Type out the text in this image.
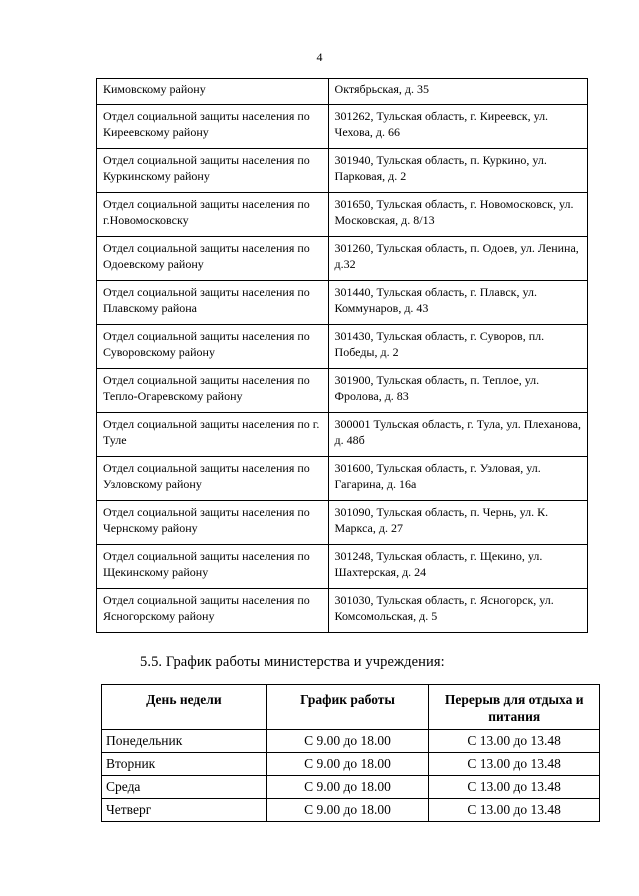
4
Кимовскому району	Октябрьская, д. 35
Отдел социальной защиты населения по Киреевскому району	301262, Тульская область, г. Киреевск, ул. Чехова, д. 66
Отдел социальной защиты населения по Куркинскому району	301940, Тульская область, п. Куркино, ул. Парковая, д. 2
Отдел социальной защиты населения по г.Новомосковску	301650, Тульская область, г. Новомосковск, ул. Московская, д. 8/13
Отдел социальной защиты населения по Одоевскому району	301260, Тульская область, п. Одоев, ул. Ленина, д.32
Отдел социальной защиты населения по Плавскому района	301440, Тульская область, г. Плавск, ул. Коммунаров, д. 43
Отдел социальной защиты населения по Суворовскому району	301430, Тульская область, г. Суворов, пл. Победы, д. 2
Отдел социальной защиты населения по Тепло-Огаревскому району	301900, Тульская область, п. Теплое, ул. Фролова, д. 83
Отдел социальной защиты населения по г. Туле	300001 Тульская область, г. Тула, ул. Плеханова, д. 48б
Отдел социальной защиты населения по Узловскому району	301600, Тульская область, г. Узловая, ул. Гагарина, д. 16а
Отдел социальной защиты населения по Чернскому району	301090, Тульская область, п. Чернь, ул. К. Маркса, д. 27
Отдел социальной защиты населения по Щекинскому району	301248, Тульская область, г. Щекино, ул. Шахтерская, д. 24
Отдел социальной защиты населения по Ясногорскому району	301030, Тульская область, г. Ясногорск, ул. Комсомольская, д. 5
5.5. График работы министерства и учреждения:
День недели	График работы	Перерыв для отдыха и питания
Понедельник	С 9.00 до 18.00	С 13.00 до 13.48
Вторник	С 9.00 до 18.00	С 13.00 до 13.48
Среда	С 9.00 до 18.00	С 13.00 до 13.48
Четверг	С 9.00 до 18.00	С 13.00 до 13.48
